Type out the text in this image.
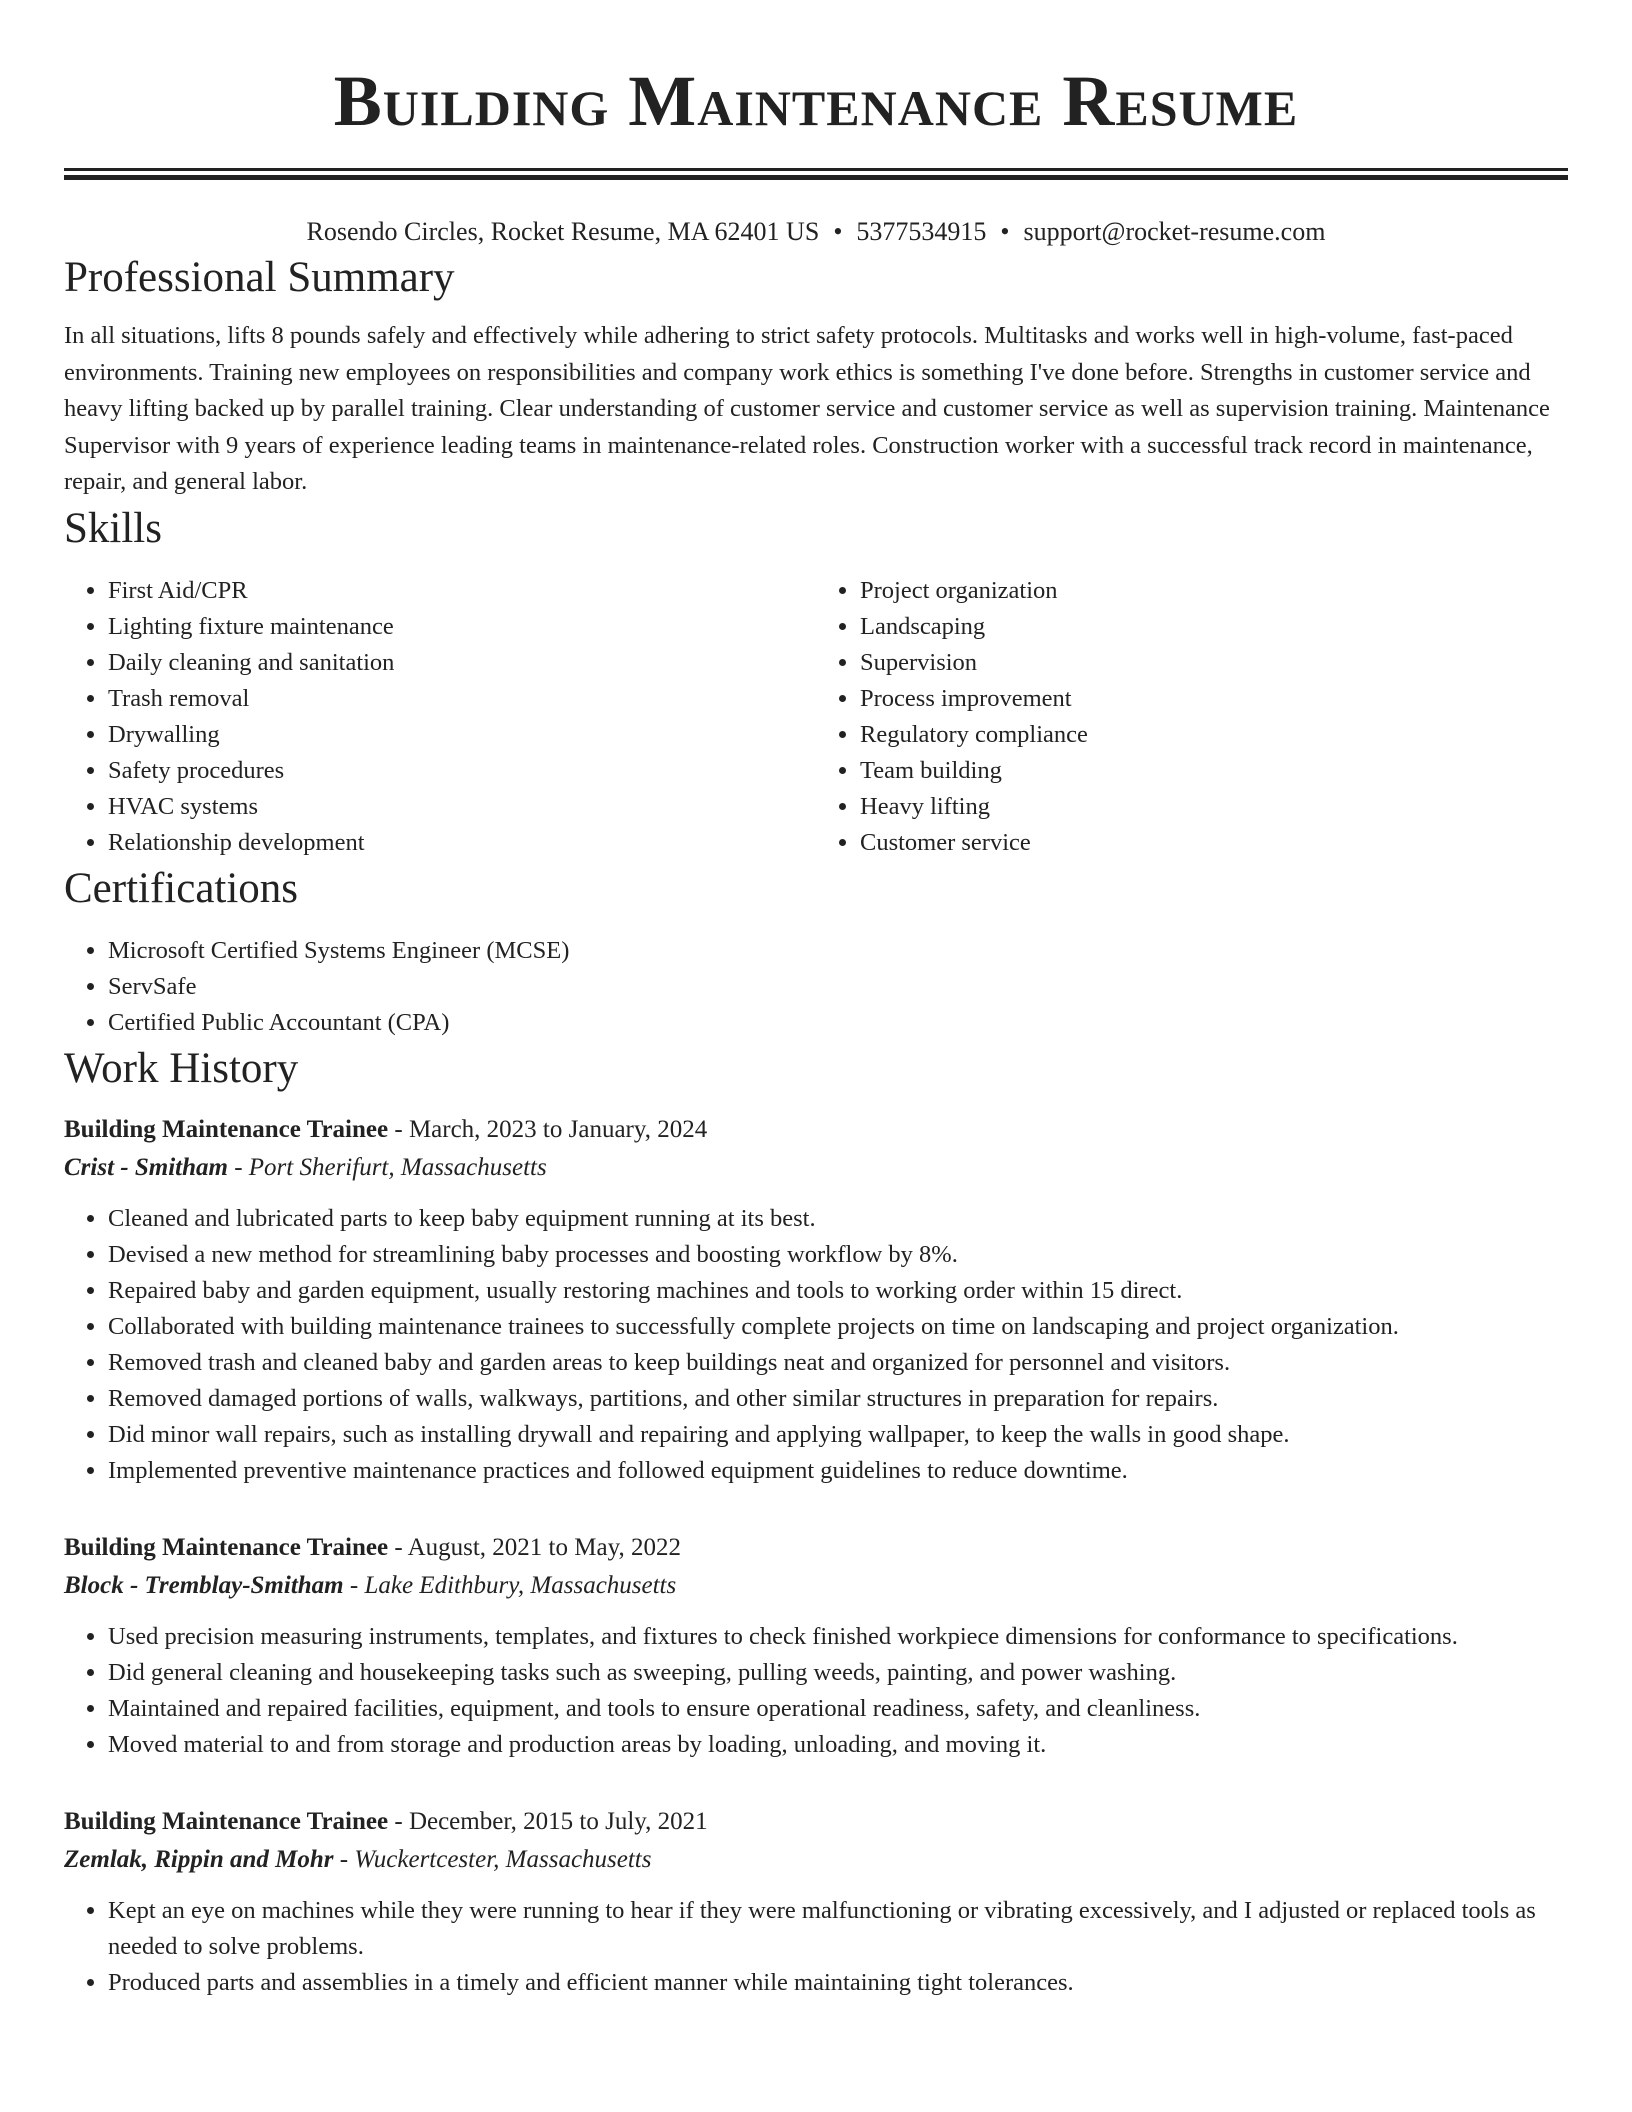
Building Maintenance Resume
Rosendo Circles, Rocket Resume, MA 62401 US • 5377534915 • support@rocket-resume.com
Professional Summary

In all situations, lifts 8 pounds safely and effectively while adhering to strict safety protocols. Multitasks and works well in high-volume, fast-paced environments. Training new employees on responsibilities and company work ethics is something I've done before. Strengths in customer service and heavy lifting backed up by parallel training. Clear understanding of customer service and customer service as well as supervision training. Maintenance Supervisor with 9 years of experience leading teams in maintenance-related roles. Construction worker with a successful track record in maintenance, repair, and general labor.

Skills
• First Aid/CPR
• Lighting fixture maintenance
• Daily cleaning and sanitation
• Trash removal
• Drywalling
• Safety procedures
• HVAC systems
• Relationship development
• Project organization
• Landscaping
• Supervision
• Process improvement
• Regulatory compliance
• Team building
• Heavy lifting
• Customer service
Certifications
• Microsoft Certified Systems Engineer (MCSE)
• ServSafe
• Certified Public Accountant (CPA)
Work History
Building Maintenance Trainee - March, 2023 to January, 2024
Crist - Smitham - Port Sherifurt, Massachusetts
• Cleaned and lubricated parts to keep baby equipment running at its best.
• Devised a new method for streamlining baby processes and boosting workflow by 8%.
• Repaired baby and garden equipment, usually restoring machines and tools to working order within 15 direct.
• Collaborated with building maintenance trainees to successfully complete projects on time on landscaping and project organization.
• Removed trash and cleaned baby and garden areas to keep buildings neat and organized for personnel and visitors.
• Removed damaged portions of walls, walkways, partitions, and other similar structures in preparation for repairs.
• Did minor wall repairs, such as installing drywall and repairing and applying wallpaper, to keep the walls in good shape.
• Implemented preventive maintenance practices and followed equipment guidelines to reduce downtime.
Building Maintenance Trainee - August, 2021 to May, 2022
Block - Tremblay-Smitham - Lake Edithbury, Massachusetts
• Used precision measuring instruments, templates, and fixtures to check finished workpiece dimensions for conformance to specifications.
• Did general cleaning and housekeeping tasks such as sweeping, pulling weeds, painting, and power washing.
• Maintained and repaired facilities, equipment, and tools to ensure operational readiness, safety, and cleanliness.
• Moved material to and from storage and production areas by loading, unloading, and moving it.
Building Maintenance Trainee - December, 2015 to July, 2021
Zemlak, Rippin and Mohr - Wuckertcester, Massachusetts
• Kept an eye on machines while they were running to hear if they were malfunctioning or vibrating excessively, and I adjusted or replaced tools as needed to solve problems.
• Produced parts and assemblies in a timely and efficient manner while maintaining tight tolerances.
